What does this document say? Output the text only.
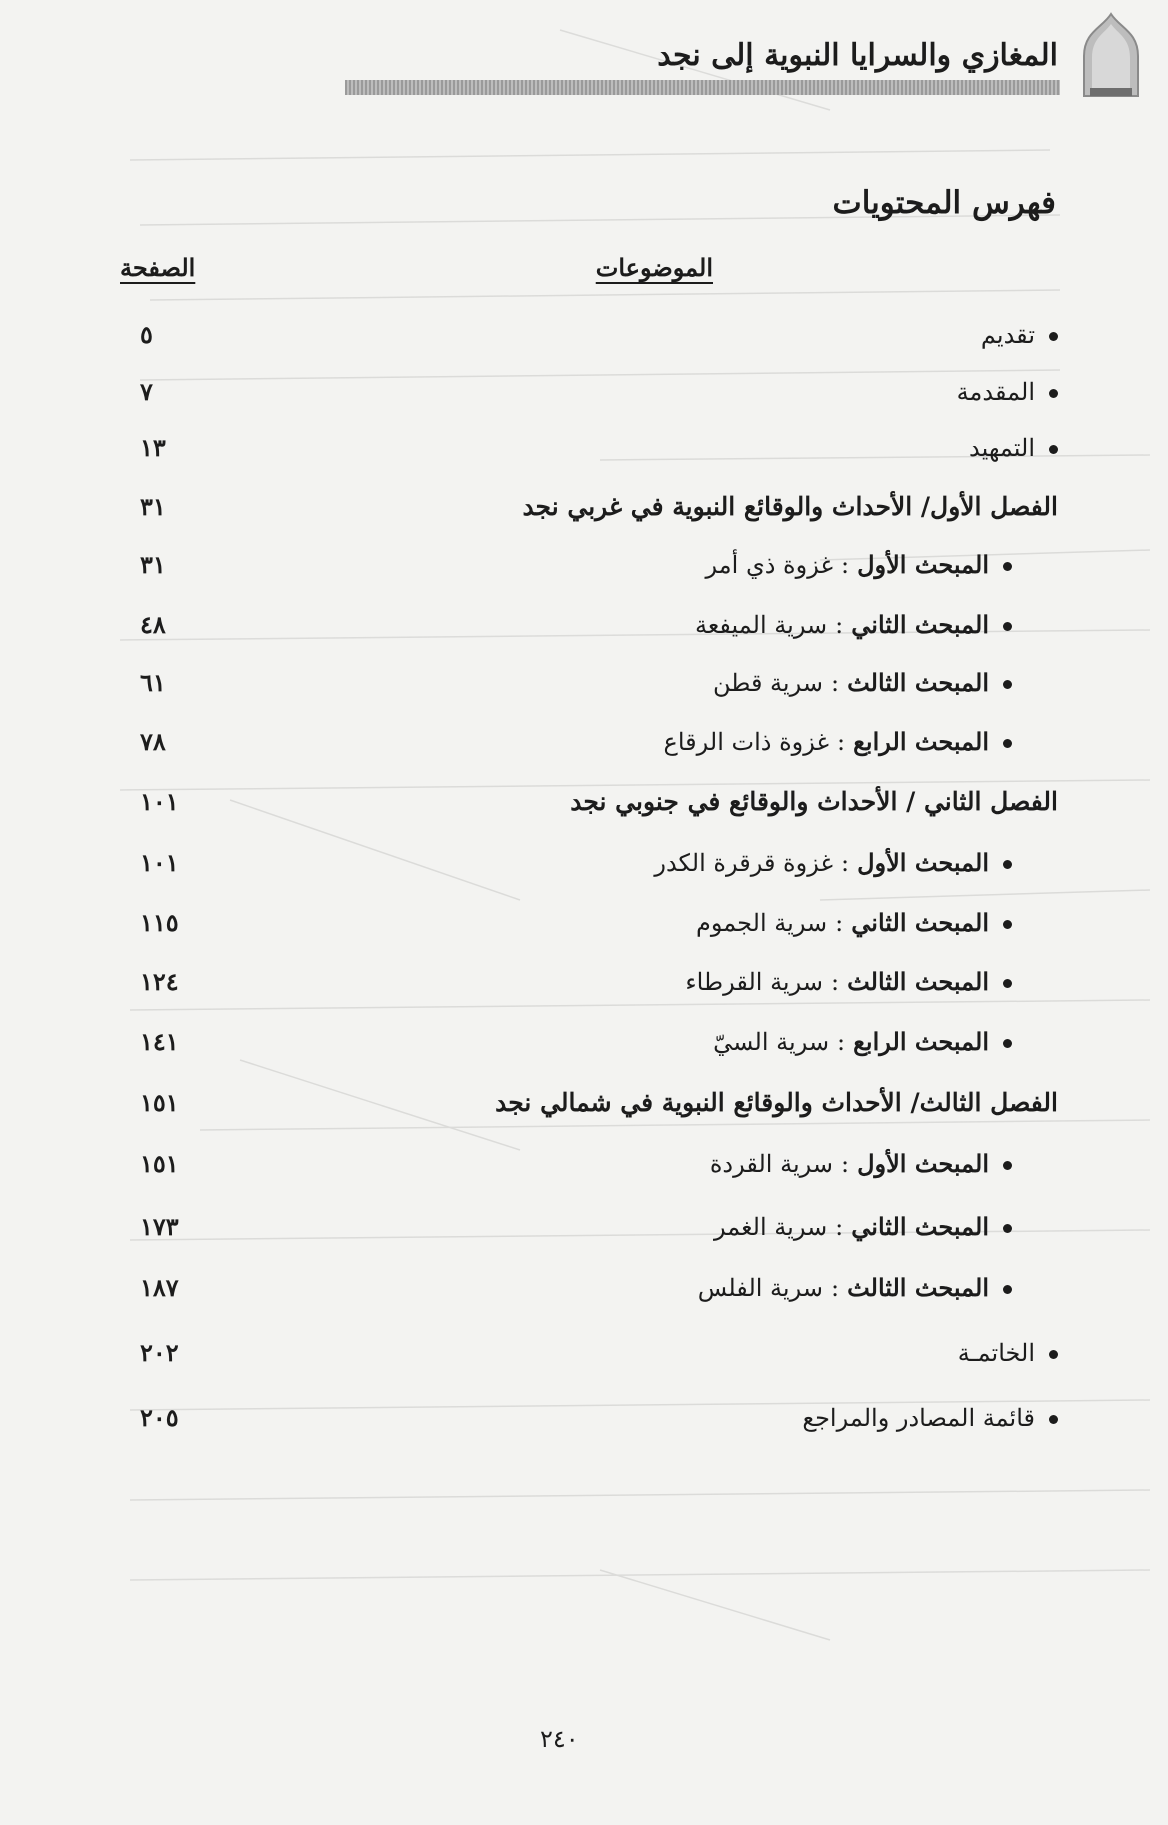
المغازي والسرايا النبوية إلى نجد
فهرس المحتويات
الموضوعات
الصفحة
تقديم
٥
المقدمة
٧
التمهيد
١٣
الفصل الأول/ الأحداث والوقائع النبوية في غربي نجد
٣١
المبحث الأول:غزوة ذي أمر
٣١
المبحث الثاني:سرية الميفعة
٤٨
المبحث الثالث:سرية قطن
٦١
المبحث الرابع:غزوة ذات الرقاع
٧٨
الفصل الثاني / الأحداث والوقائع في جنوبي نجد
١٠١
المبحث الأول:غزوة قرقرة الكدر
١٠١
المبحث الثاني:سرية الجموم
١١٥
المبحث الثالث:سرية القرطاء
١٢٤
المبحث الرابع:سرية السيّ
١٤١
الفصل الثالث/ الأحداث والوقائع النبوية في شمالي نجد
١٥١
المبحث الأول:سرية القردة
١٥١
المبحث الثاني:سرية الغمر
١٧٣
المبحث الثالث:سرية الفلس
١٨٧
الخاتمـة
٢٠٢
قائمة المصادر والمراجع
٢٠٥
٢٤٠
